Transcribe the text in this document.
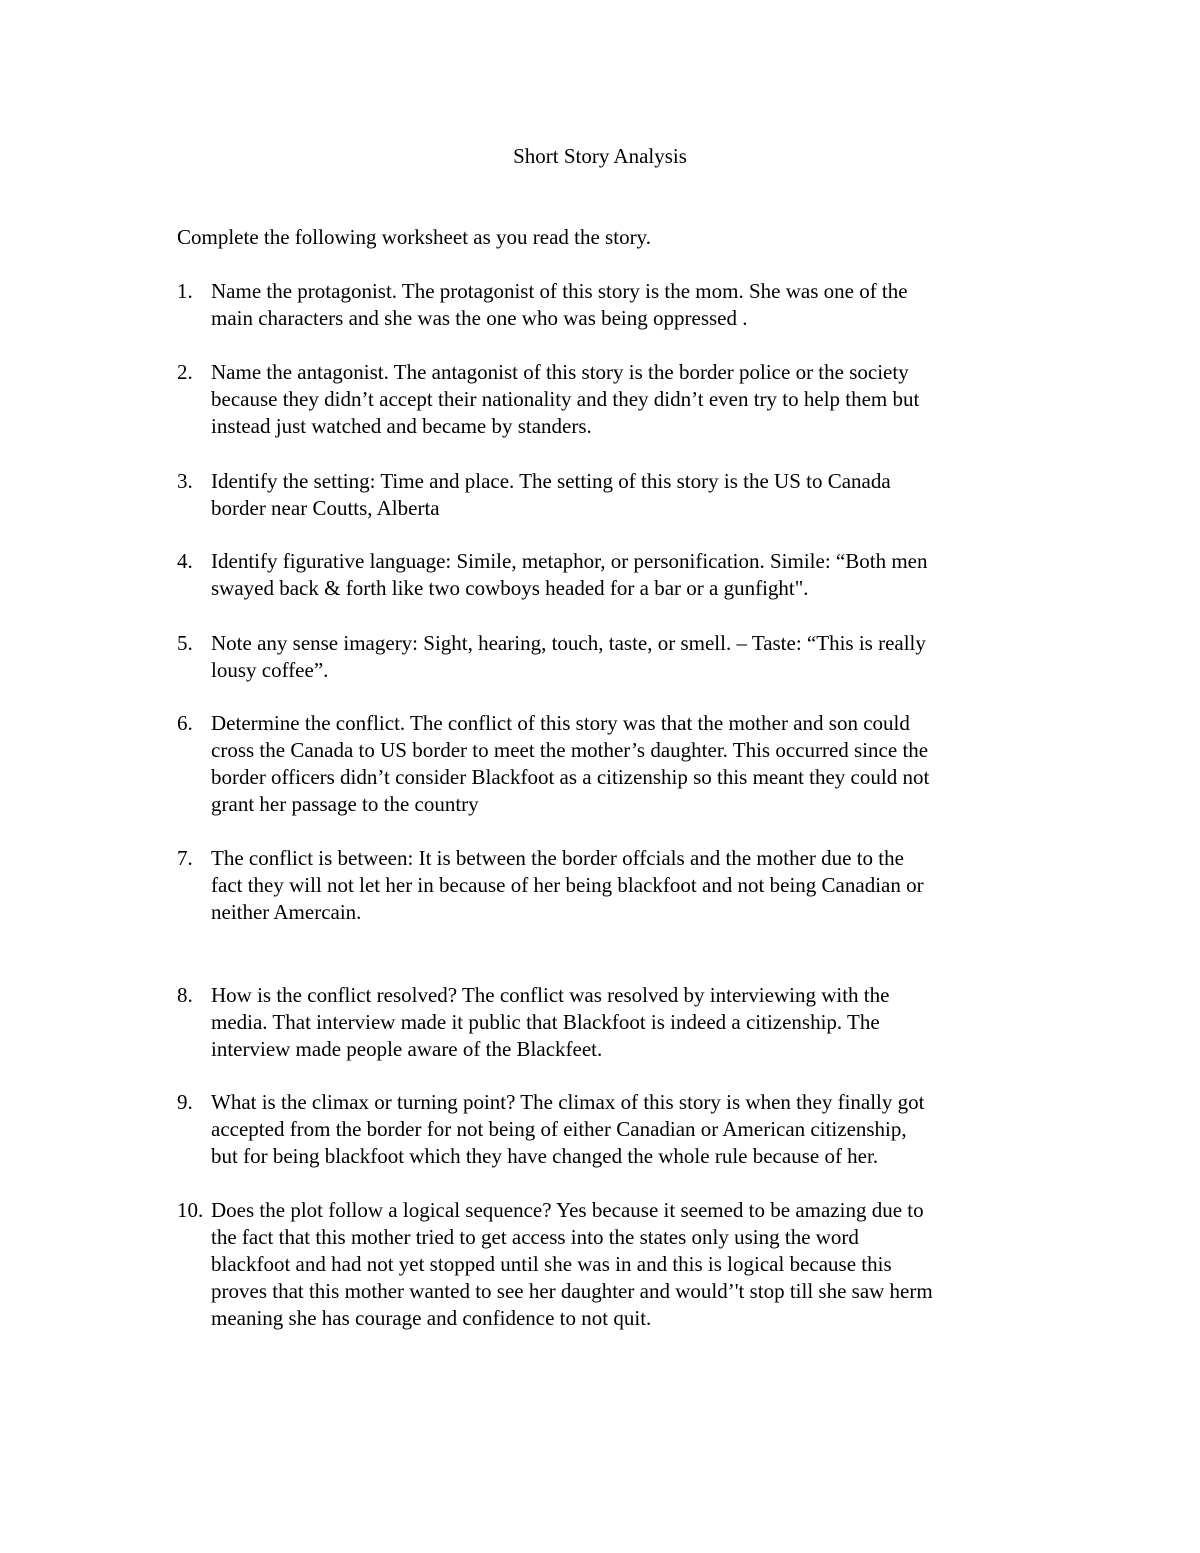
Short Story Analysis
Complete the following worksheet as you read the story.
1. Name the protagonist. The protagonist of this story is the mom. She was one of the
main characters and she was the one who was being oppressed .
2. Name the antagonist. The antagonist of this story is the border police or the society
because they didn’t accept their nationality and they didn’t even try to help them but
instead just watched and became by standers.
3. Identify the setting: Time and place. The setting of this story is the US to Canada
border near Coutts, Alberta
4. Identify figurative language: Simile, metaphor, or personification. Simile: “Both men
swayed back & forth like two cowboys headed for a bar or a gunfight".
5. Note any sense imagery: Sight, hearing, touch, taste, or smell. – Taste: “This is really
lousy coffee”.
6. Determine the conflict. The conflict of this story was that the mother and son could
cross the Canada to US border to meet the mother’s daughter. This occurred since the
border officers didn’t consider Blackfoot as a citizenship so this meant they could not
grant her passage to the country
7. The conflict is between: It is between the border offcials and the mother due to the
fact they will not let her in because of her being blackfoot and not being Canadian or
neither Amercain.
8. How is the conflict resolved? The conflict was resolved by interviewing with the
media. That interview made it public that Blackfoot is indeed a citizenship. The
interview made people aware of the Blackfeet.
9. What is the climax or turning point? The climax of this story is when they finally got
accepted from the border for not being of either Canadian or American citizenship,
but for being blackfoot which they have changed the whole rule because of her.
10. Does the plot follow a logical sequence? Yes because it seemed to be amazing due to
the fact that this mother tried to get access into the states only using the word
blackfoot and had not yet stopped until she was in and this is logical because this
proves that this mother wanted to see her daughter and would’'t stop till she saw herm
meaning she has courage and confidence to not quit.
